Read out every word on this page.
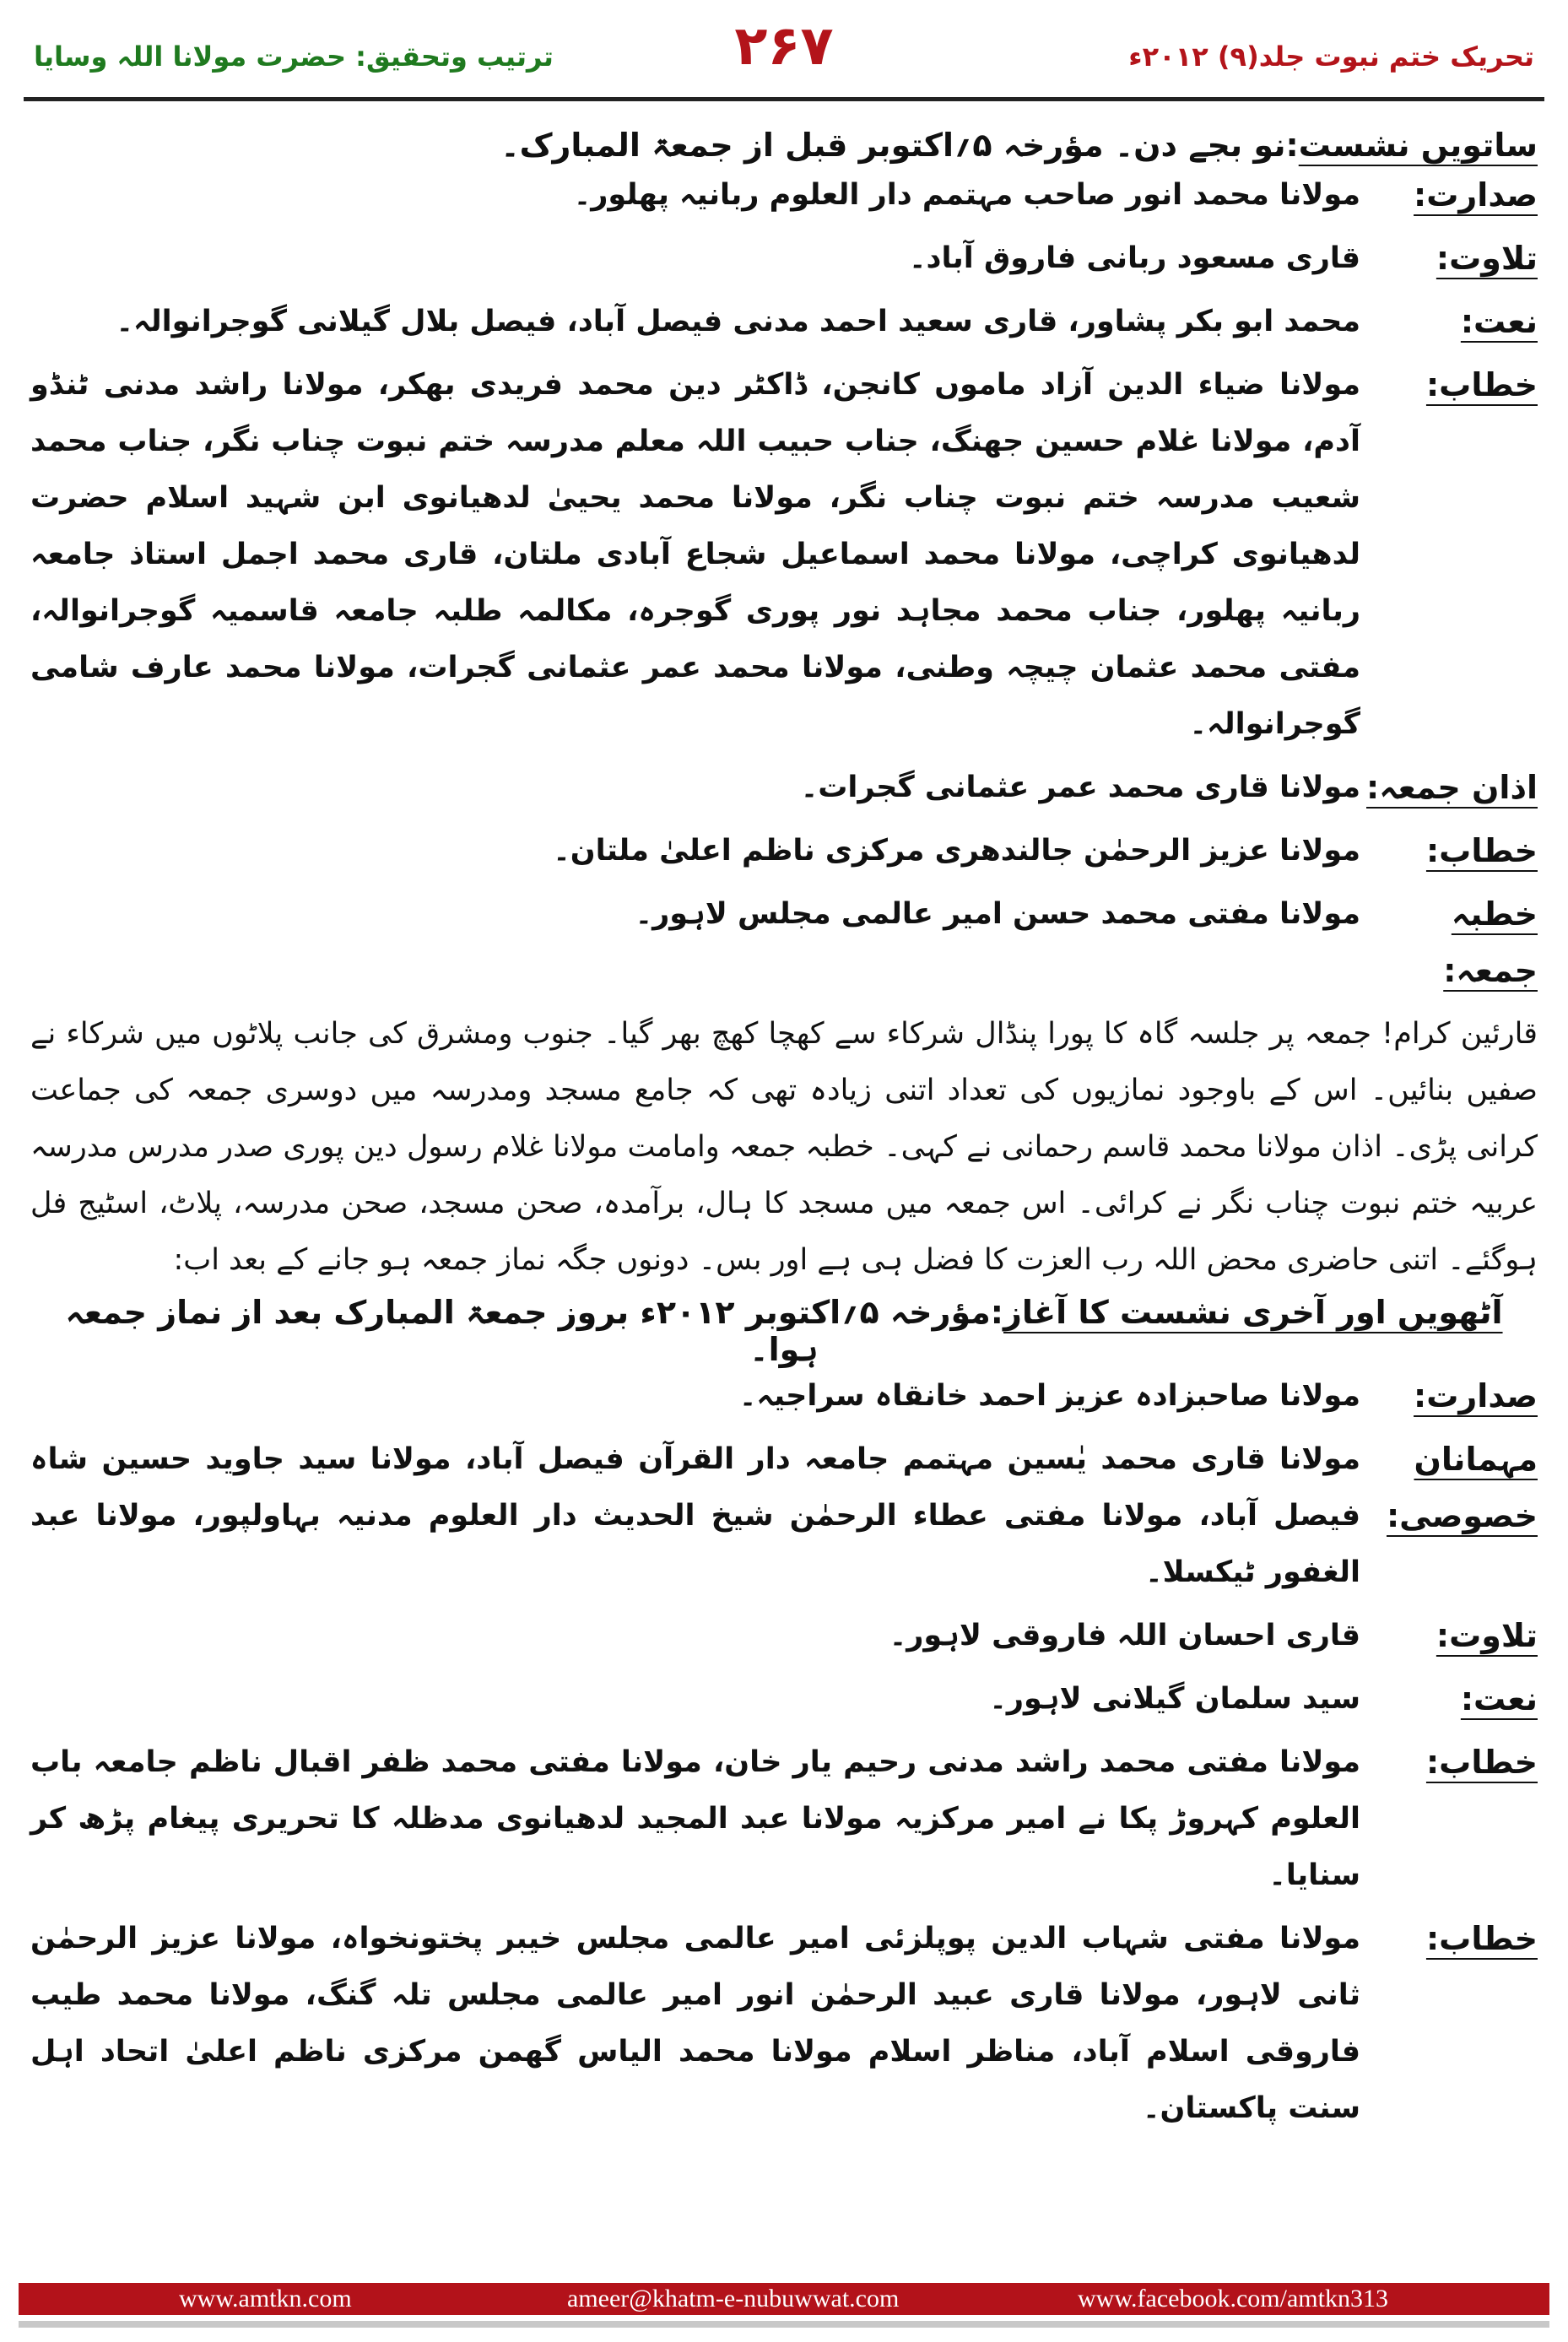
تحریک ختم نبوت جلد(۹) ۲۰۱۲ء
۲۶۷
ترتیب وتحقیق: حضرت مولانا اللہ وسایا
ساتویں نشست:نو بجے دن۔ مؤرخہ ۵؍اکتوبر قبل از جمعۃ المبارک۔
صدارت:
مولانا محمد انور صاحب مہتمم دار العلوم ربانیہ پھلور۔
تلاوت:
قاری مسعود ربانی فاروق آباد۔
نعت:
محمد ابو بکر پشاور، قاری سعید احمد مدنی فیصل آباد، فیصل بلال گیلانی گوجرانوالہ۔
خطاب:
مولانا ضیاء الدین آزاد ماموں کانجن، ڈاکٹر دین محمد فریدی بھکر، مولانا راشد مدنی ٹنڈو آدم، مولانا غلام حسین جھنگ، جناب حبیب اللہ معلم مدرسہ ختم نبوت چناب نگر، جناب محمد شعیب مدرسہ ختم نبوت چناب نگر، مولانا محمد یحییٰ لدھیانوی ابن شہید اسلام حضرت لدھیانوی کراچی، مولانا محمد اسماعیل شجاع آبادی ملتان، قاری محمد اجمل استاذ جامعہ ربانیہ پھلور، جناب محمد مجاہد نور پوری گوجرہ، مکالمہ طلبہ جامعہ قاسمیہ گوجرانوالہ، مفتی محمد عثمان چیچہ وطنی، مولانا محمد عمر عثمانی گجرات، مولانا محمد عارف شامی گوجرانوالہ۔
اذان جمعہ:
مولانا قاری محمد عمر عثمانی گجرات۔
خطاب:
مولانا عزیز الرحمٰن جالندھری مرکزی ناظم اعلیٰ ملتان۔
خطبہ جمعہ:
مولانا مفتی محمد حسن امیر عالمی مجلس لاہور۔
قارئین کرام! جمعہ پر جلسہ گاہ کا پورا پنڈال شرکاء سے کھچا کھچ بھر گیا۔ جنوب ومشرق کی جانب پلاٹوں میں شرکاء نے صفیں بنائیں۔ اس کے باوجود نمازیوں کی تعداد اتنی زیادہ تھی کہ جامع مسجد ومدرسہ میں دوسری جمعہ کی جماعت کرانی پڑی۔ اذان مولانا محمد قاسم رحمانی نے کہی۔ خطبہ جمعہ وامامت مولانا غلام رسول دین پوری صدر مدرس مدرسہ عربیہ ختم نبوت چناب نگر نے کرائی۔ اس جمعہ میں مسجد کا ہال، برآمدہ، صحن مسجد، صحن مدرسہ، پلاٹ، اسٹیج فل ہوگئے۔ اتنی حاضری محض اللہ رب العزت کا فضل ہی ہے اور بس۔ دونوں جگہ نماز جمعہ ہو جانے کے بعد اب:
آٹھویں اور آخری نشست کا آغاز:مؤرخہ ۵؍اکتوبر ۲۰۱۲ء بروز جمعۃ المبارک بعد از نماز جمعہ ہوا۔
صدارت:
مولانا صاحبزادہ عزیز احمد خانقاہ سراجیہ۔
مہمانان خصوصی:
مولانا قاری محمد یٰسین مہتمم جامعہ دار القرآن فیصل آباد، مولانا سید جاوید حسین شاہ فیصل آباد، مولانا مفتی عطاء الرحمٰن شیخ الحدیث دار العلوم مدنیہ بہاولپور، مولانا عبد الغفور ٹیکسلا۔
تلاوت:
قاری احسان اللہ فاروقی لاہور۔
نعت:
سید سلمان گیلانی لاہور۔
خطاب:
مولانا مفتی محمد راشد مدنی رحیم یار خان، مولانا مفتی محمد ظفر اقبال ناظم جامعہ باب العلوم کہروڑ پکا نے امیر مرکزیہ مولانا عبد المجید لدھیانوی مدظلہ کا تحریری پیغام پڑھ کر سنایا۔
خطاب:
مولانا مفتی شہاب الدین پوپلزئی امیر عالمی مجلس خیبر پختونخواہ، مولانا عزیز الرحمٰن ثانی لاہور، مولانا قاری عبید الرحمٰن انور امیر عالمی مجلس تلہ گنگ، مولانا محمد طیب فاروقی اسلام آباد، مناظر اسلام مولانا محمد الیاس گھمن مرکزی ناظم اعلیٰ اتحاد اہل سنت پاکستان۔
www.amtkn.com	ameer@khatm-e-nubuwwat.com	www.facebook.com/amtkn313
